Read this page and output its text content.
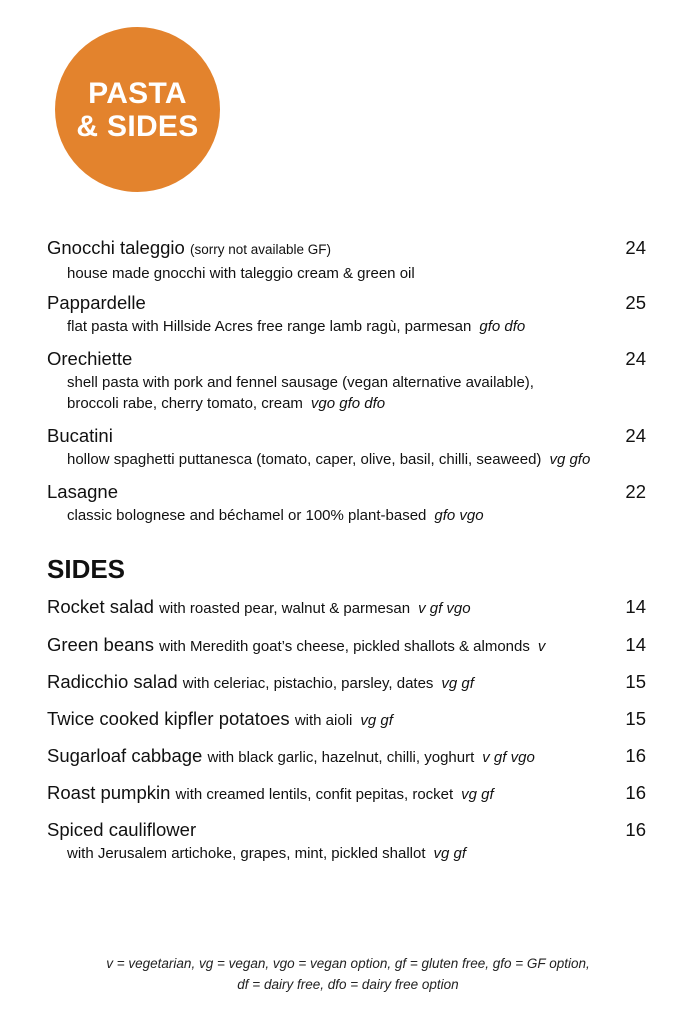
PASTA
& SIDES
Gnocchi taleggio (sorry not available GF)	24
house made gnocchi with taleggio cream & green oil
Pappardelle	25
flat pasta with Hillside Acres free range lamb ragù, parmesan gfo dfo
Orechiette	24
shell pasta with pork and fennel sausage (vegan alternative available),
broccoli rabe, cherry tomato, cream vgo gfo dfo
Bucatini	24
hollow spaghetti puttanesca (tomato, caper, olive, basil, chilli, seaweed) vg gfo
Lasagne	22
classic bolognese and béchamel or 100% plant-based gfo vgo
SIDES
Rocket salad with roasted pear, walnut & parmesan v gf vgo	14
Green beans with Meredith goat’s cheese, pickled shallots & almonds v	14
Radicchio salad with celeriac, pistachio, parsley, dates vg gf	15
Twice cooked kipfler potatoes with aioli vg gf	15
Sugarloaf cabbage with black garlic, hazelnut, chilli, yoghurt v gf vgo	16
Roast pumpkin with creamed lentils, confit pepitas, rocket vg gf	16
Spiced cauliflower	16
with Jerusalem artichoke, grapes, mint, pickled shallot vg gf
v = vegetarian, vg = vegan, vgo = vegan option, gf = gluten free, gfo = GF option,
df = dairy free, dfo = dairy free option
